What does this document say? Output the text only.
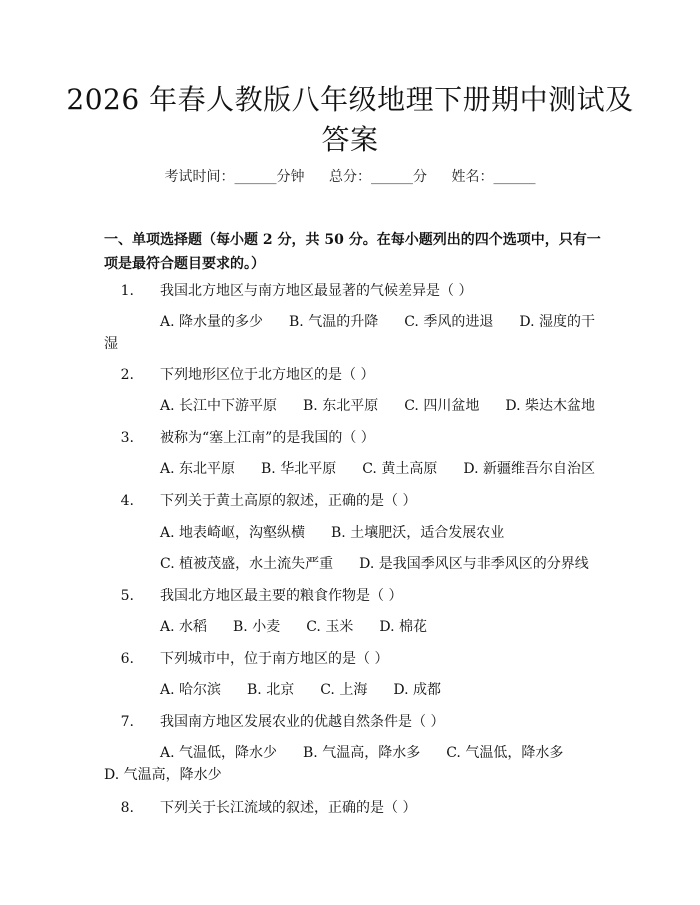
2026 年春人教版八年级地理下册期中测试及答案
考试时间：______分钟 总分：______分 姓名：______
一、单项选择题（每小题 2 分，共 50 分。在每小题列出的四个选项中，只有一项是最符合题目要求的。）
1. 我国北方地区与南方地区最显著的气候差异是（ ）
A. 降水量的多少 B. 气温的升降 C. 季风的进退 D. 湿度的干湿
2. 下列地形区位于北方地区的是（ ）
A. 长江中下游平原 B. 东北平原 C. 四川盆地 D. 柴达木盆地
3. 被称为“塞上江南”的是我国的（ ）
A. 东北平原 B. 华北平原 C. 黄土高原 D. 新疆维吾尔自治区
4. 下列关于黄土高原的叙述，正确的是（ ）
A. 地表崎岖，沟壑纵横 B. 土壤肥沃，适合发展农业
C. 植被茂盛，水土流失严重 D. 是我国季风区与非季风区的分界线
5. 我国北方地区最主要的粮食作物是（ ）
A. 水稻 B. 小麦 C. 玉米 D. 棉花
6. 下列城市中，位于南方地区的是（ ）
A. 哈尔滨 B. 北京 C. 上海 D. 成都
7. 我国南方地区发展农业的优越自然条件是（ ）
A. 气温低，降水少 B. 气温高，降水多 C. 气温低，降水多D. 气温高，降水少
8. 下列关于长江流域的叙述，正确的是（ ）
